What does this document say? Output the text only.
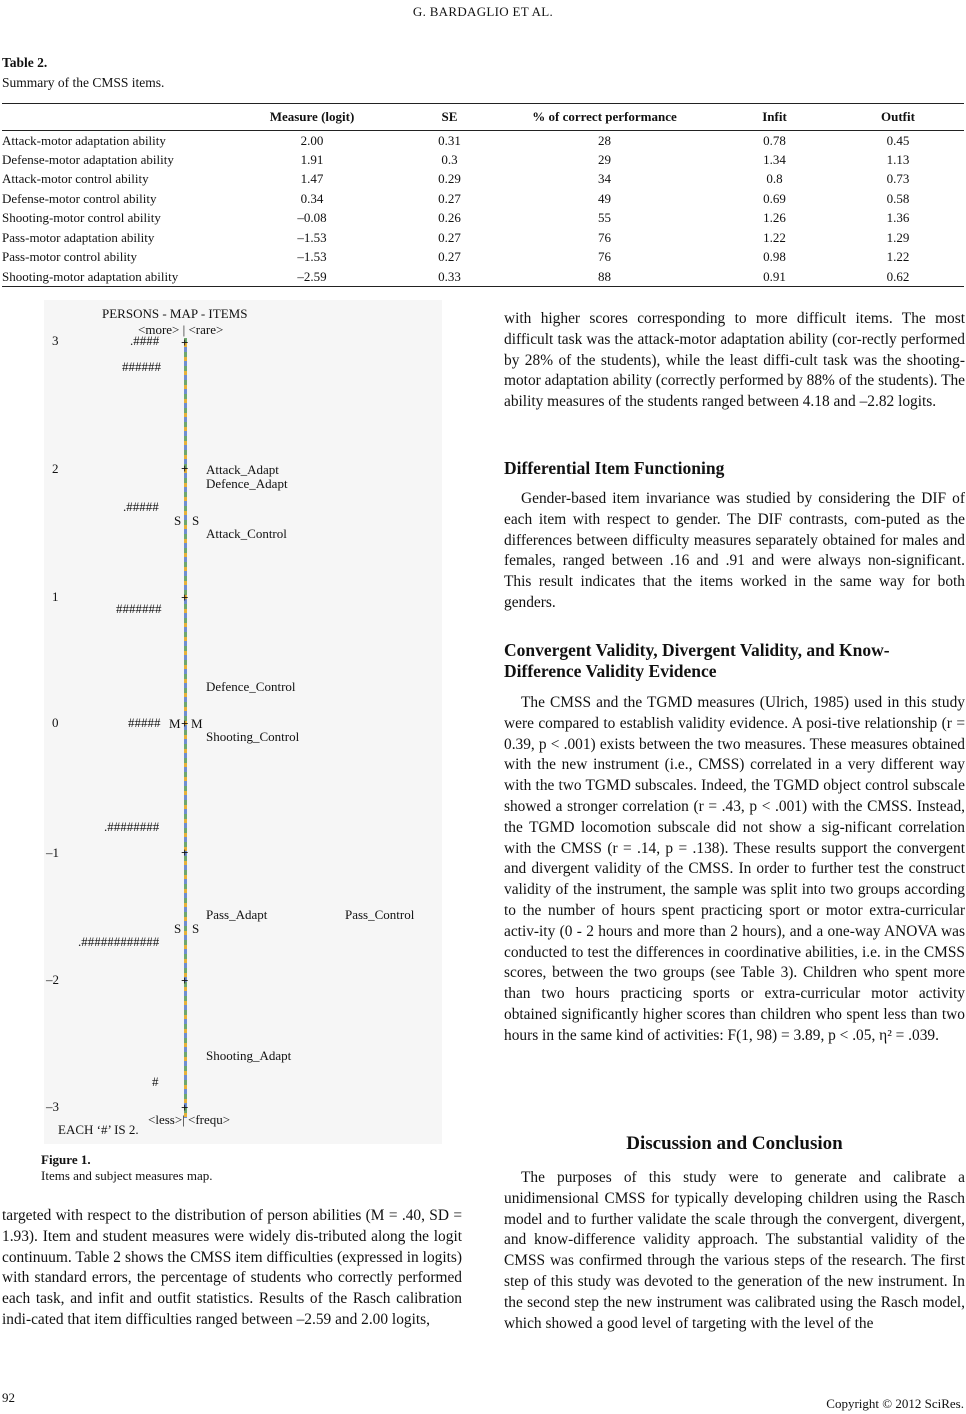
G. BARDAGLIO ET AL.
Table 2.
Summary of the CMSS items.
	Measure (logit)	SE	% of correct performance	Infit	Outfit
Attack-motor adaptation ability	2.00	0.31	28	0.78	0.45
Defense-motor adaptation ability	1.91	0.3	29	1.34	1.13
Attack-motor control ability	1.47	0.29	34	0.8	0.73
Defense-motor control ability	0.34	0.27	49	0.69	0.58
Shooting-motor control ability	–0.08	0.26	55	1.26	1.36
Pass-motor adaptation ability	–1.53	0.27	76	1.22	1.29
Pass-motor control ability	–1.53	0.27	76	0.98	1.22
Shooting-motor adaptation ability	–2.59	0.33	88	0.91	0.62
PERSONS - MAP - ITEMS
<more> | <rare>
3
2
1
0
–1
–2
–3
+
+
+
+
+
+
.####
######
.#####
#######
#####
.########
.############
#
S S
M + M
S S
Attack_Adapt
Defence_Adapt
Attack_Control
Defence_Control
Shooting_Control
Pass_Adapt	Pass_Control
Shooting_Adapt
<less>| <frequ>
EACH ‘#’ IS 2.
Figure 1.
Items and subject measures map.
targeted with respect to the distribution of person abilities (M = .40, SD = 1.93). Item and student measures were widely dis-tributed along the logit continuum. Table 2 shows the CMSS item difficulties (expressed in logits) with standard errors, the percentage of students who correctly performed each task, and infit and outfit statistics. Results of the Rasch calibration indi-cated that item difficulties ranged between –2.59 and 2.00 logits,
with higher scores corresponding to more difficult items. The most difficult task was the attack-motor adaptation ability (cor-rectly performed by 28% of the students), while the least diffi-cult task was the shooting-motor adaptation ability (correctly performed by 88% of the students). The ability measures of the students ranged between 4.18 and –2.82 logits.
Differential Item Functioning
Gender-based item invariance was studied by considering the DIF of each item with respect to gender. The DIF contrasts, com-puted as the differences between difficulty measures separately obtained for males and females, ranged between .16 and .91 and were always non-significant. This result indicates that the items worked in the same way for both genders.
Convergent Validity, Divergent Validity, and Know-Difference Validity Evidence
The CMSS and the TGMD measures (Ulrich, 1985) used in this study were compared to establish validity evidence. A posi-tive relationship (r = 0.39, p < .001) exists between the two measures. These measures obtained with the new instrument (i.e., CMSS) correlated in a very different way with the two TGMD subscales. Indeed, the TGMD object control subscale showed a stronger correlation (r = .43, p < .001) with the CMSS. Instead, the TGMD locomotion subscale did not show a sig-nificant correlation with the CMSS (r = .14, p = .138). These results support the convergent and divergent validity of the CMSS. In order to further test the construct validity of the instrument, the sample was split into two groups according to the number of hours spent practicing sport or motor extra-curricular activ-ity (0 - 2 hours and more than 2 hours), and a one-way ANOVA was conducted to test the differences in coordinative abilities, i.e. in the CMSS scores, between the two groups (see Table 3). Children who spent more than two hours practicing sports or extra-curricular motor activity obtained significantly higher scores than children who spent less than two hours in the same kind of activities: F(1, 98) = 3.89, p < .05, η² = .039.
Discussion and Conclusion
The purposes of this study were to generate and calibrate a unidimensional CMSS for typically developing children using the Rasch model and to further validate the scale through the convergent, divergent, and know-difference validity approach. The substantial validity of the CMSS was confirmed through the various steps of the research. The first step of this study was devoted to the generation of the new instrument. In the second step the new instrument was calibrated using the Rasch model, which showed a good level of targeting with the level of the
92	Copyright © 2012 SciRes.
